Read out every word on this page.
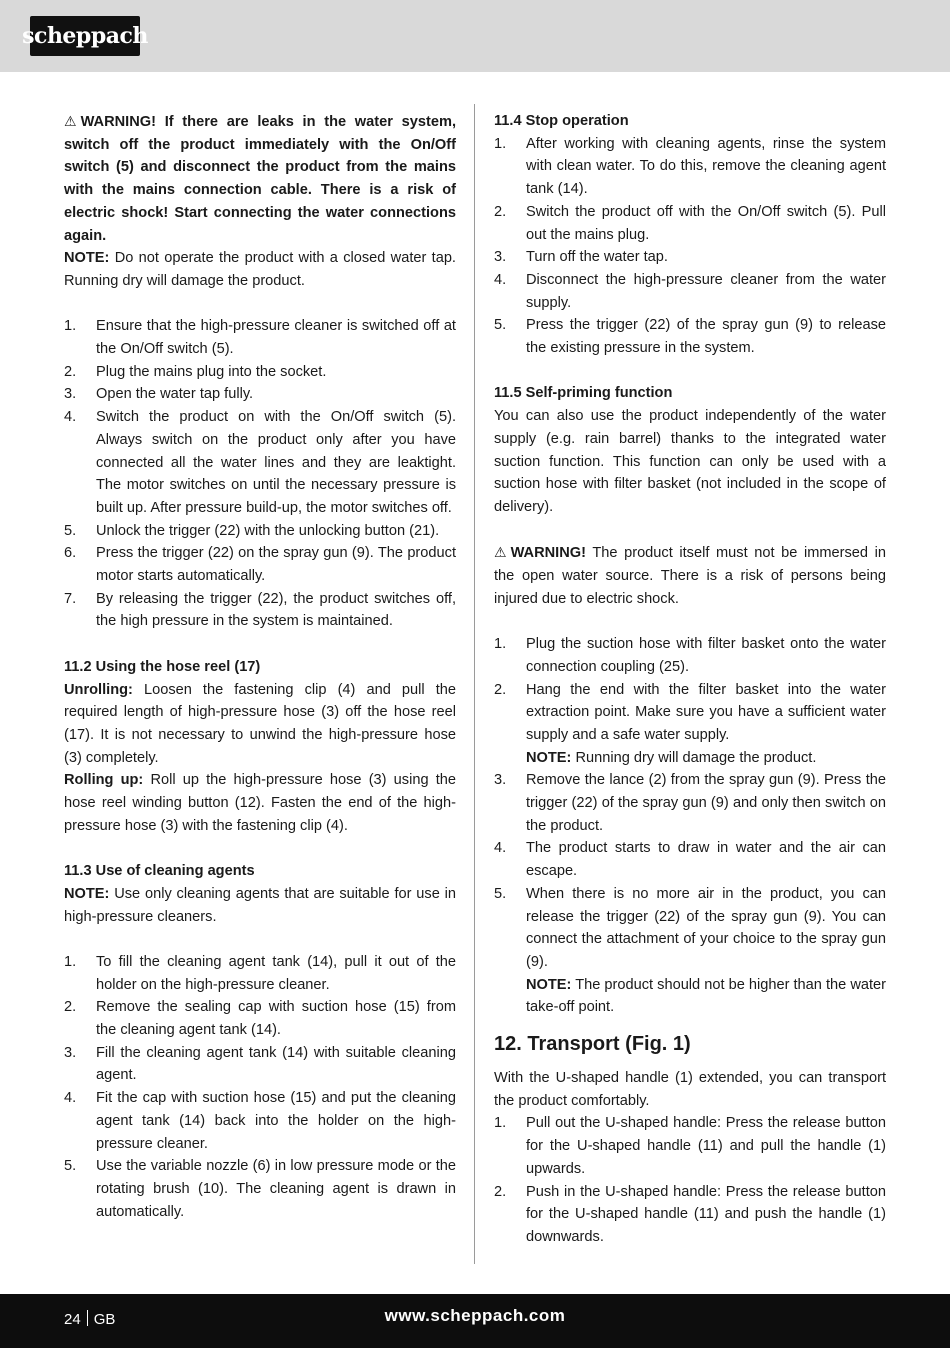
scheppach

⚠ WARNING! If there are leaks in the water system, switch off the product immediately with the On/Off switch (5) and disconnect the product from the mains with the mains connection cable. There is a risk of electric shock! Start connecting the water connections again.

NOTE: Do not operate the product with a closed water tap. Running dry will damage the product.

1.	Ensure that the high-pressure cleaner is switched off at the On/Off switch (5).
2.	Plug the mains plug into the socket.
3.	Open the water tap fully.
4.	Switch the product on with the On/Off switch (5). Always switch on the product only after you have connected all the water lines and they are leaktight. The motor switches on until the necessary pressure is built up. After pressure build-up, the motor switches off.
5.	Unlock the trigger (22) with the unlocking button (21).
6.	Press the trigger (22) on the spray gun (9). The product motor starts automatically.
7.	By releasing the trigger (22), the product switches off, the high pressure in the system is maintained.
11.2 Using the hose reel (17)

Unrolling: Loosen the fastening clip (4) and pull the required length of high-pressure hose (3) off the hose reel (17). It is not necessary to unwind the high-pressure hose (3) completely.

Rolling up: Roll up the high-pressure hose (3) using the hose reel winding button (12). Fasten the end of the high-pressure hose (3) with the fastening clip (4).

11.3 Use of cleaning agents

NOTE: Use only cleaning agents that are suitable for use in high-pressure cleaners.

1.	To fill the cleaning agent tank (14), pull it out of the holder on the high-pressure cleaner.
2.	Remove the sealing cap with suction hose (15) from the cleaning agent tank (14).
3.	Fill the cleaning agent tank (14) with suitable cleaning agent.
4.	Fit the cap with suction hose (15) and put the cleaning agent tank (14) back into the holder on the high-pressure cleaner.
5.	Use the variable nozzle (6) in low pressure mode or the rotating brush (10). The cleaning agent is drawn in automatically.
11.4 Stop operation
1.	After working with cleaning agents, rinse the system with clean water. To do this, remove the cleaning agent tank (14).
2.	Switch the product off with the On/Off switch (5). Pull out the mains plug.
3.	Turn off the water tap.
4.	Disconnect the high-pressure cleaner from the water supply.
5.	Press the trigger (22) of the spray gun (9) to release the existing pressure in the system.
11.5 Self-priming function

You can also use the product independently of the water supply (e.g. rain barrel) thanks to the integrated water suction function. This function can only be used with a suction hose with filter basket (not included in the scope of delivery).

⚠ WARNING! The product itself must not be immersed in the open water source. There is a risk of persons being injured due to electric shock.

1.	Plug the suction hose with filter basket onto the water connection coupling (25).
2.	Hang the end with the filter basket into the water extraction point. Make sure you have a sufficient water supply and a safe water supply.
NOTE: Running dry will damage the product.
3.	Remove the lance (2) from the spray gun (9). Press the trigger (22) of the spray gun (9) and only then switch on the product.
4.	The product starts to draw in water and the air can escape.
5.	When there is no more air in the product, you can release the trigger (22) of the spray gun (9). You can connect the attachment of your choice to the spray gun (9).
NOTE: The product should not be higher than the water take-off point.
12. Transport (Fig. 1)

With the U-shaped handle (1) extended, you can transport the product comfortably.

1.	Pull out the U-shaped handle: Press the release button for the U-shaped handle (11) and pull the handle (1) upwards.
2.	Push in the U-shaped handle: Press the release button for the U-shaped handle (11) and push the handle (1) downwards.
24 GB	www.scheppach.com
